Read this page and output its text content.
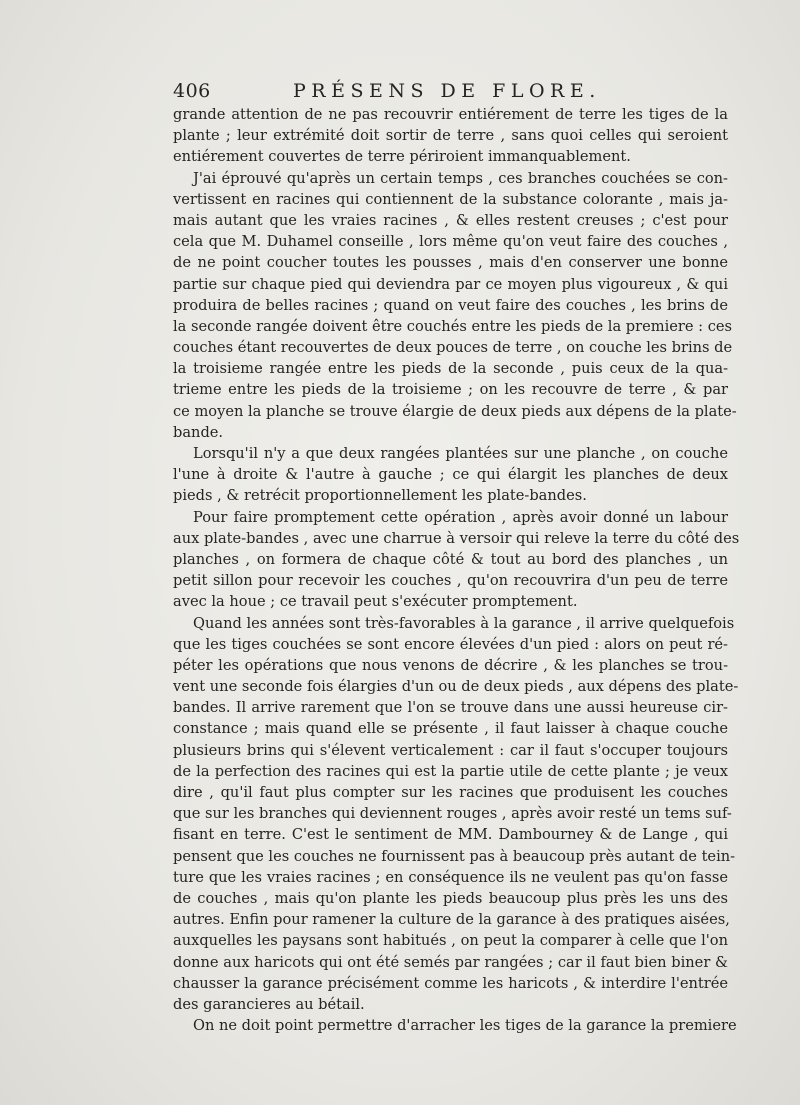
406	PRÉSENS DE FLORE.
grande attention de ne pas recouvrir entiérement de terre les tiges de la
plante ; leur extrémité doit sortir de terre , sans quoi celles qui seroient
entiérement couvertes de terre périroient immanquablement.
J'ai éprouvé qu'après un certain temps , ces branches couchées se con-
vertissent en racines qui contiennent de la substance colorante , mais ja-
mais autant que les vraies racines , & elles restent creuses ; c'est pour
cela que M. Duhamel conseille , lors même qu'on veut faire des couches ,
de ne point coucher toutes les pousses , mais d'en conserver une bonne
partie sur chaque pied qui deviendra par ce moyen plus vigoureux , & qui
produira de belles racines ; quand on veut faire des couches , les brins de
la seconde rangée doivent être couchés entre les pieds de la premiere : ces
couches étant recouvertes de deux pouces de terre , on couche les brins de
la troisieme rangée entre les pieds de la seconde , puis ceux de la qua-
trieme entre les pieds de la troisieme ; on les recouvre de terre , & par
ce moyen la planche se trouve élargie de deux pieds aux dépens de la plate-
bande.
Lorsqu'il n'y a que deux rangées plantées sur une planche , on couche
l'une à droite & l'autre à gauche ; ce qui élargit les planches de deux
pieds , & retrécit proportionnellement les plate-bandes.
Pour faire promptement cette opération , après avoir donné un labour
aux plate-bandes , avec une charrue à versoir qui releve la terre du côté des
planches , on formera de chaque côté & tout au bord des planches , un
petit sillon pour recevoir les couches , qu'on recouvrira d'un peu de terre
avec la houe ; ce travail peut s'exécuter promptement.
Quand les années sont très-favorables à la garance , il arrive quelquefois
que les tiges couchées se sont encore élevées d'un pied : alors on peut ré-
péter les opérations que nous venons de décrire , & les planches se trou-
vent une seconde fois élargies d'un ou de deux pieds , aux dépens des plate-
bandes. Il arrive rarement que l'on se trouve dans une aussi heureuse cir-
constance ; mais quand elle se présente , il faut laisser à chaque couche
plusieurs brins qui s'élevent verticalement : car il faut s'occuper toujours
de la perfection des racines qui est la partie utile de cette plante ; je veux
dire , qu'il faut plus compter sur les racines que produisent les couches
que sur les branches qui deviennent rouges , après avoir resté un tems suf-
fisant en terre. C'est le sentiment de MM. Dambourney & de Lange , qui
pensent que les couches ne fournissent pas à beaucoup près autant de tein-
ture que les vraies racines ; en conséquence ils ne veulent pas qu'on fasse
de couches , mais qu'on plante les pieds beaucoup plus près les uns des
autres. Enfin pour ramener la culture de la garance à des pratiques aisées,
auxquelles les paysans sont habitués , on peut la comparer à celle que l'on
donne aux haricots qui ont été semés par rangées ; car il faut bien biner &
chausser la garance précisément comme les haricots , & interdire l'entrée
des garancieres au bétail.
On ne doit point permettre d'arracher les tiges de la garance la premiere
